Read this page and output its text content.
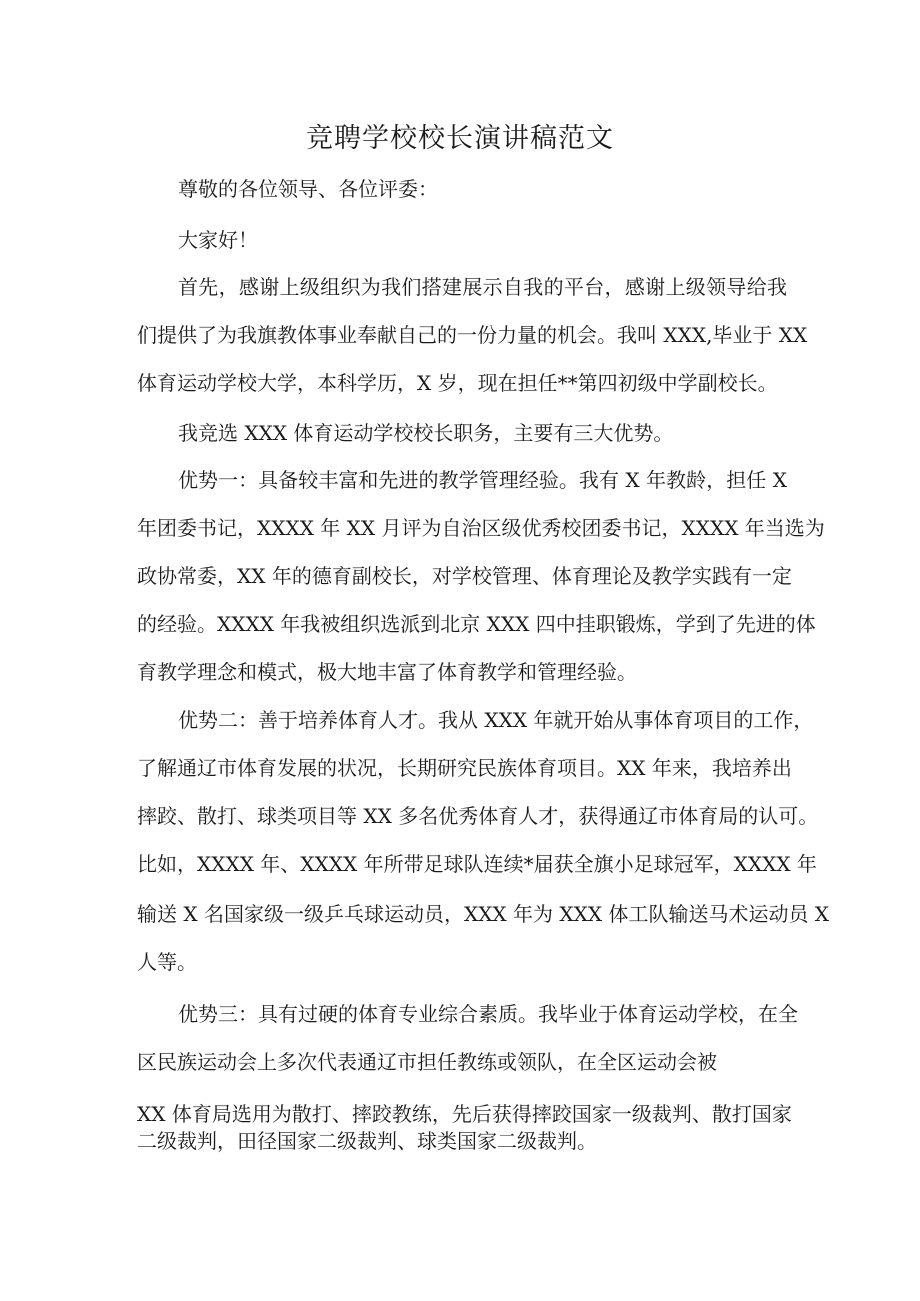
竞聘学校校长演讲稿范文
尊敬的各位领导、各位评委：
大家好！
首先，感谢上级组织为我们搭建展示自我的平台，感谢上级领导给我
们提供了为我旗教体事业奉献自己的一份力量的机会。我叫 XXX,毕业于 XX
体育运动学校大学，本科学历，X 岁，现在担任**第四初级中学副校长。
我竞选 XXX 体育运动学校校长职务，主要有三大优势。
优势一：具备较丰富和先进的教学管理经验。我有 X 年教龄，担任 X
年团委书记，XXXX 年 XX 月评为自治区级优秀校团委书记，XXXX 年当选为
政协常委，XX 年的德育副校长，对学校管理、体育理论及教学实践有一定
的经验。XXXX 年我被组织选派到北京 XXX 四中挂职锻炼，学到了先进的体
育教学理念和模式，极大地丰富了体育教学和管理经验。
优势二：善于培养体育人才。我从 XXX 年就开始从事体育项目的工作，
了解通辽市体育发展的状况，长期研究民族体育项目。XX 年来，我培养出
摔跤、散打、球类项目等 XX 多名优秀体育人才，获得通辽市体育局的认可。
比如，XXXX 年、XXXX 年所带足球队连续*届获全旗小足球冠军，XXXX 年
输送 X 名国家级一级乒乓球运动员，XXX 年为 XXX 体工队输送马术运动员 X
人等。
优势三：具有过硬的体育专业综合素质。我毕业于体育运动学校，在全
区民族运动会上多次代表通辽市担任教练或领队，在全区运动会被
XX 体育局选用为散打、摔跤教练，先后获得摔跤国家一级裁判、散打国家
二级裁判，田径国家二级裁判、球类国家二级裁判。
